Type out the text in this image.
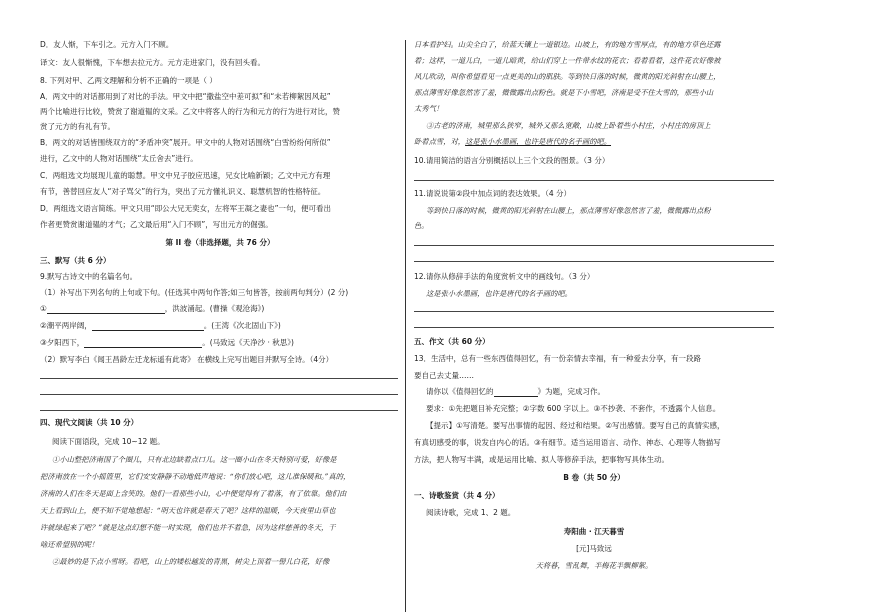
D．友人惭，下车引之。元方入门不顾。
译文：友人很惭愧，下车想去拉元方。元方走进家门，没有回头看。
8. 下列对甲、乙两文理解和分析不正确的一项是（ ）
A．两文中的对话都用到了对比的手法。甲文中把“撒盐空中差可拟”和“未若柳絮因风起”
两个比喻进行比较，赞赏了谢道韫的文采。乙文中将客人的行为和元方的行为进行对比，赞
赏了元方的有礼有节。
B．两文的对话皆围绕双方的“矛盾冲突”展开。甲文中的人物对话围绕“白雪纷纷何所似”
进行，乙文中的人物对话围绕“太丘舍去”进行。
C．两组选文均展现儿童的聪慧。甲文中兄子胶应迅速，兄女比喻新颖；乙文中元方有理
有节，善替回应友人“对子骂父”的行为，突出了元方懂礼识义、聪慧机智的性格特征。
D．两组选文语言简练。甲文只用“即公大兄无奕女，左将军王凝之妻也”一句，便可看出
作者更赞赏谢道韫的才气；乙文最后用“入门不顾”，写出元方的倔强。
第 II 卷（非选择题，共 76 分）
三、默写（共 6 分）
9.默写古诗文中的名篇名句。
（1）补写出下列名句的上句或下句。(任选其中两句作答;如三句皆答，按前两句判分）(2 分)
①	，洪波涌起。(曹操《观沧海》)
②潮平两岸阔，	。(王湾《次北固山下》)
③夕阳西下，	。(马致远《天净沙 · 秋思》)
（2）默写李白《闻王昌龄左迁龙标遥有此寄》 在横线上完写出题目并默写全诗。（4分）
四、现代文阅读（共 10 分）
阅读下面语段，完成 10~12 题。
①小山整把济南围了个圈儿，只有北边缺着点口儿。这一圈小山在冬天特别可爱，好像是
把济南放在一个小摇篮里，它们安安静静不动地低声地说：“你们放心吧，这儿准保暖和。”真的，
济南的人们在冬天是面上含笑的。他们一看那些小山，心中便觉得有了着落，有了依靠。他们由
天上看到山上，便不知不觉地想起：“明天也许就是春天了吧？这样的温暖，今天夜里山草也
许就绿起来了吧？”就是这点幻想不能一时实现，他们也并不着急，因为这样慈善的冬天，干
啥还希望别的呢！
②最妙的是下点小雪呀。看吧，山上的矮松越发的青黑，树尖上顶着一髻儿白花，好像
日本看护妇。山尖全白了，给蓝天镶上一道银边。山坡上，有的地方雪厚点，有的地方草色还露
着；这样，一道儿白，一道儿暗黄，给山们穿上一件带水纹的花衣；看着看着，这件花衣好像被
风儿吹动，叫你希望看见一点更美的山的肌肤。等到快日落的时候，微黄的阳光斜射在山腰上，
那点薄雪好像忽然害了羞，微微露出点粉色。就是下小雪吧，济南是受不住大雪的，那些小山
太秀气！
③古老的济南，城里那么狭窄，城外又那么宽敞，山坡上卧着些小村庄，小村庄的房顶上
卧着点雪，对，这是张小水墨画，也许是唐代的名手画的吧。
10.请用简洁的语言分别概括以上三个文段的图景。（3 分）
11.请说说第②段中加点词的表达效果。（4 分）
等到快日落的时候，微黄的阳光斜射在山腰上，那点薄雪好像忽然害了羞，微微露出点粉
色。
12.请你从修辞手法的角度赏析文中的画线句。（3 分）
这是张小水墨画，也许是唐代的名手画的吧。
五、作文（共 60 分）
13．生活中，总有一些东西值得回忆，有一份亲情去幸福，有一种爱去分享，有一段路
要自己去丈量……
请你以《值得回忆的	》为题，完成习作。
要求：①先把题目补充完整；②字数 600 字以上。③不抄袭、不套作，不透露个人信息。
【提示】①写清楚。要写出事情的起因、经过和结果。②写出感情。要写自己的真情实感，
有真切感受的事，说发自内心的话。③有细节。适当运用语言、动作、神态、心理等人物描写
方法，把人物写丰满，或是运用比喻、拟人等修辞手法，把事物写具体生动。
B 卷（共 50 分）
一、诗歌鉴赏（共 4 分）
阅读诗歌，完成 1、2 题。
寿阳曲 · 江天暮雪
[元]马致远
天将暮，雪乱舞，半梅花半飘柳絮。
